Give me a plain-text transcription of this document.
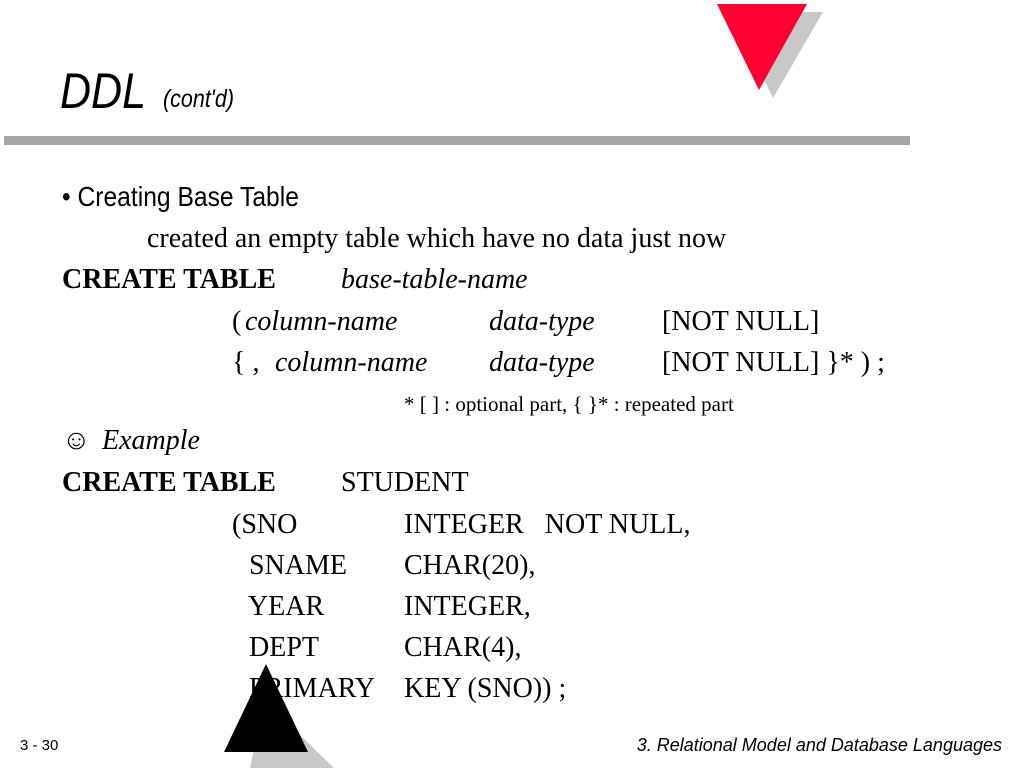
DDL (cont'd)
• Creating Base Table
created an empty table which have no data just now
CREATE TABLE base-table-name
( column-name	data-type [NOT NULL]
{ , column-name data-type [NOT NULL] }* ) ;
* [ ] : optional part, { }* : repeated part
☺ Example
CREATE TABLE STUDENT
(SNO	INTEGER   NOT NULL,
SNAME CHAR(20),
YEAR	INTEGER,
DEPT	CHAR(4),
PRIMARY KEY (SNO)) ;
3 - 30	3. Relational Model and Database Languages
